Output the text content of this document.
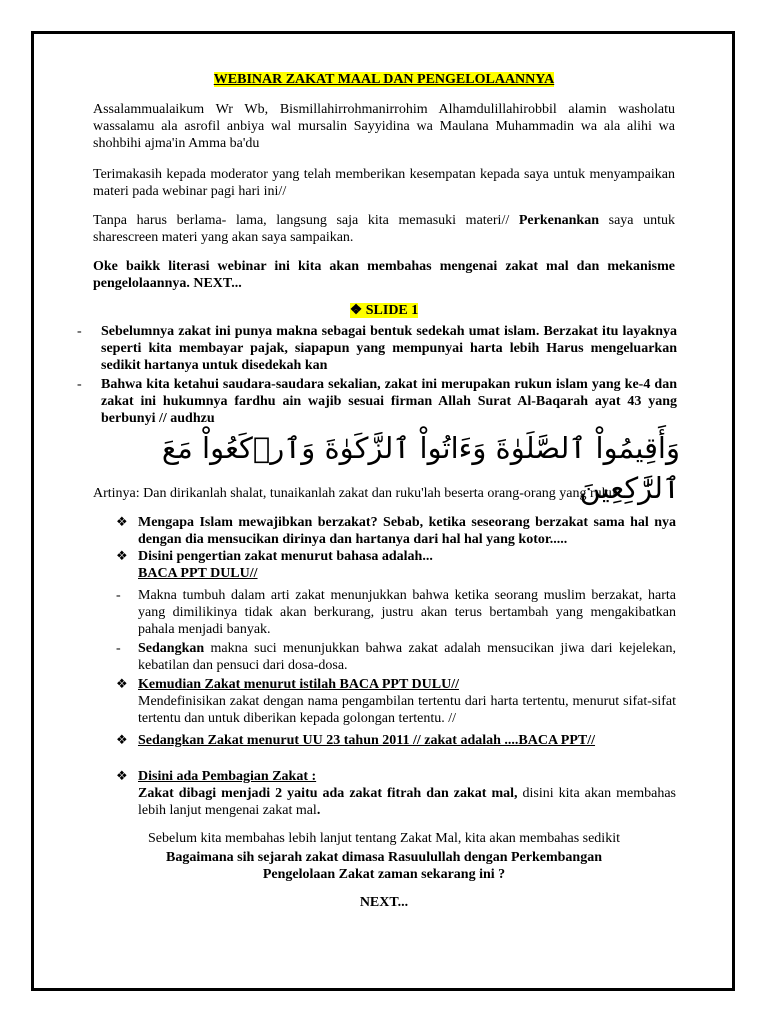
WEBINAR ZAKAT MAAL DAN PENGELOLAANNYA
Assalammualaikum Wr Wb, Bismillahirrohmanirrohim Alhamdulillahirobbil alamin washolatu wassalamu ala asrofil anbiya wal mursalin Sayyidina wa Maulana Muhammadin wa ala alihi wa shohbihi ajma'in Amma ba'du
Terimakasih kepada moderator yang telah memberikan kesempatan kepada saya untuk menyampaikan materi pada webinar pagi hari ini//
Tanpa harus berlama- lama, langsung saja kita memasuki materi// Perkenankan saya untuk sharescreen materi yang akan saya sampaikan.
Oke baikk literasi webinar ini kita akan membahas mengenai zakat mal dan mekanisme pengelolaannya. NEXT...
❖ SLIDE 1
- Sebelumnya zakat ini punya makna sebagai bentuk sedekah umat islam. Berzakat itu layaknya seperti kita membayar pajak, siapapun yang mempunyai harta lebih Harus mengeluarkan sedikit hartanya untuk disedekah kan
- Bahwa kita ketahui saudara-saudara sekalian, zakat ini merupakan rukun islam yang ke-4 dan zakat ini hukumnya fardhu ain wajib sesuai firman Allah Surat Al-Baqarah ayat 43 yang berbunyi // audhzu
وَأَقِيمُواْ ٱلصَّلَوٰةَ وَءَاتُواْ ٱلزَّكَوٰةَ وَٱرۡكَعُواْ مَعَ ٱلرَّٰكِعِينَ
Artinya: Dan dirikanlah shalat, tunaikanlah zakat dan ruku'lah beserta orang-orang yang ruku'.
❖ Mengapa Islam mewajibkan berzakat? Sebab, ketika seseorang berzakat sama hal nya dengan dia mensucikan dirinya dan hartanya dari hal hal yang kotor.....
❖ Disini pengertian zakat menurut bahasa adalah...
BACA PPT DULU//
- Makna tumbuh dalam arti zakat menunjukkan bahwa ketika seorang muslim berzakat, harta yang dimilikinya tidak akan berkurang, justru akan terus bertambah yang mengakibatkan pahala menjadi banyak.
- Sedangkan makna suci menunjukkan bahwa zakat adalah mensucikan jiwa dari kejelekan, kebatilan dan pensuci dari dosa-dosa.
❖ Kemudian Zakat menurut istilah BACA PPT DULU//
Mendefinisikan zakat dengan nama pengambilan tertentu dari harta tertentu, menurut sifat-sifat tertentu dan untuk diberikan kepada golongan tertentu. //
❖ Sedangkan Zakat menurut UU 23 tahun 2011 // zakat adalah ....BACA PPT//
❖ Disini ada Pembagian Zakat :
Zakat dibagi menjadi 2 yaitu ada zakat fitrah dan zakat mal, disini kita akan membahas lebih lanjut mengenai zakat mal.
Sebelum kita membahas lebih lanjut tentang Zakat Mal, kita akan membahas sedikit
Bagaimana sih sejarah zakat dimasa Rasuulullah dengan Perkembangan
Pengelolaan Zakat zaman sekarang ini ?
NEXT...
